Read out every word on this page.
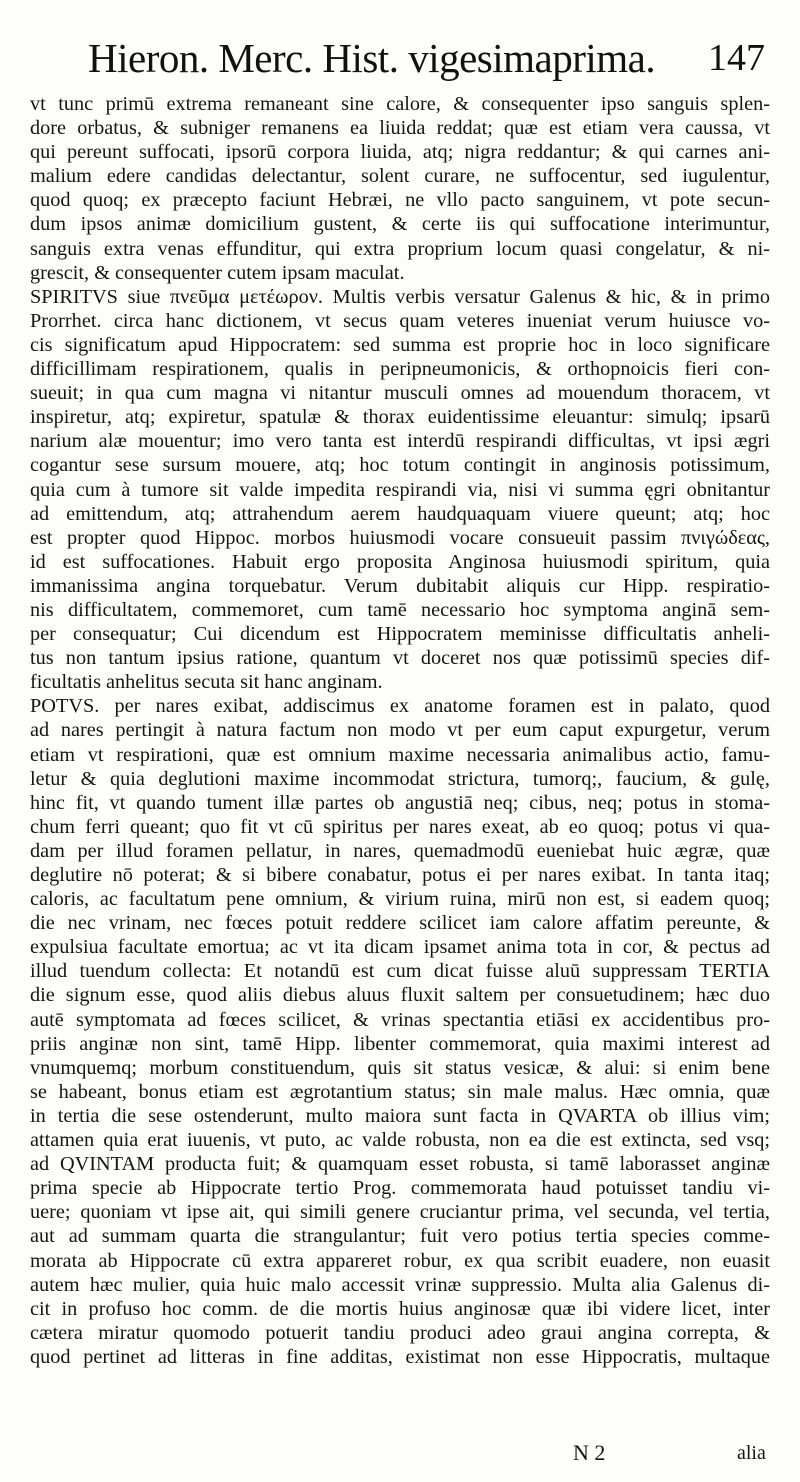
Hieron. Merc. Hist. vigesimaprima. 147
vt tunc primū extrema remaneant sine calore, & consequenter ipso sanguis splen-
dore orbatus, & subniger remanens ea liuida reddat; quæ est etiam vera caussa, vt
qui pereunt suffocati, ipsorū corpora liuida, atq; nigra reddantur; & qui carnes ani-
malium edere candidas delectantur, solent curare, ne suffocentur, sed iugulentur,
quod quoq; ex præcepto faciunt Hebræi, ne vllo pacto sanguinem, vt pote secun-
dum ipsos animæ domicilium gustent, & certe iis qui suffocatione interimuntur,
sanguis extra venas effunditur, qui extra proprium locum quasi congelatur, & ni-
grescit, & consequenter cutem ipsam maculat.
SPIRITVS siue πνεῦμα μετέωρον. Multis verbis versatur Galenus & hic, & in primo
Prorrhet. circa hanc dictionem, vt secus quam veteres inueniat verum huiusce vo-
cis significatum apud Hippocratem: sed summa est proprie hoc in loco significare
difficillimam respirationem, qualis in peripneumonicis, & orthopnoicis fieri con-
sueuit; in qua cum magna vi nitantur musculi omnes ad mouendum thoracem, vt
inspiretur, atq; expiretur, spatulæ & thorax euidentissime eleuantur: simulq; ipsarū
narium alæ mouentur; imo vero tanta est interdū respirandi difficultas, vt ipsi ægri
cogantur sese sursum mouere, atq; hoc totum contingit in anginosis potissimum,
quia cum à tumore sit valde impedita respirandi via, nisi vi summa ęgri obnitantur
ad emittendum, atq; attrahendum aerem haudquaquam viuere queunt; atq; hoc
est propter quod Hippoc. morbos huiusmodi vocare consueuit passim πνιγώδεας,
id est suffocationes. Habuit ergo proposita Anginosa huiusmodi spiritum, quia
immanissima angina torquebatur. Verum dubitabit aliquis cur Hipp. respiratio-
nis difficultatem, commemoret, cum tamē necessario hoc symptoma anginā sem-
per consequatur; Cui dicendum est Hippocratem meminisse difficultatis anheli-
tus non tantum ipsius ratione, quantum vt doceret nos quæ potissimū species dif-
ficultatis anhelitus secuta sit hanc anginam.
POTVS. per nares exibat, addiscimus ex anatome foramen est in palato, quod
ad nares pertingit à natura factum non modo vt per eum caput expurgetur, verum
etiam vt respirationi, quæ est omnium maxime necessaria animalibus actio, famu-
letur & quia deglutioni maxime incommodat strictura, tumorq;, faucium, & gulę,
hinc fit, vt quando tument illæ partes ob angustiā neq; cibus, neq; potus in stoma-
chum ferri queant; quo fit vt cū spiritus per nares exeat, ab eo quoq; potus vi qua-
dam per illud foramen pellatur, in nares, quemadmodū eueniebat huic ægræ, quæ
deglutire nō poterat; & si bibere conabatur, potus ei per nares exibat. In tanta itaq;
caloris, ac facultatum pene omnium, & virium ruina, mirū non est, si eadem quoq;
die nec vrinam, nec fœces potuit reddere scilicet iam calore affatim pereunte, &
expulsiua facultate emortua; ac vt ita dicam ipsamet anima tota in cor, & pectus ad
illud tuendum collecta: Et notandū est cum dicat fuisse aluū suppressam TERTIA
die signum esse, quod aliis diebus aluus fluxit saltem per consuetudinem; hæc duo
autē symptomata ad fœces scilicet, & vrinas spectantia etiāsi ex accidentibus pro-
priis anginæ non sint, tamē Hipp. libenter commemorat, quia maximi interest ad
vnumquemq; morbum constituendum, quis sit status vesicæ, & alui: si enim bene
se habeant, bonus etiam est ægrotantium status; sin male malus. Hæc omnia, quæ
in tertia die sese ostenderunt, multo maiora sunt facta in QVARTA ob illius vim;
attamen quia erat iuuenis, vt puto, ac valde robusta, non ea die est extincta, sed vsq;
ad QVINTAM producta fuit; & quamquam esset robusta, si tamē laborasset anginæ
prima specie ab Hippocrate tertio Prog. commemorata haud potuisset tandiu vi-
uere; quoniam vt ipse ait, qui simili genere cruciantur prima, vel secunda, vel tertia,
aut ad summam quarta die strangulantur; fuit vero potius tertia species comme-
morata ab Hippocrate cū extra appareret robur, ex qua scribit euadere, non euasit
autem hæc mulier, quia huic malo accessit vrinæ suppressio. Multa alia Galenus di-
cit in profuso hoc comm. de die mortis huius anginosæ quæ ibi videre licet, inter
cætera miratur quomodo potuerit tandiu produci adeo graui angina correpta, &
quod pertinet ad litteras in fine additas, existimat non esse Hippocratis, multaque
N 2	alia
